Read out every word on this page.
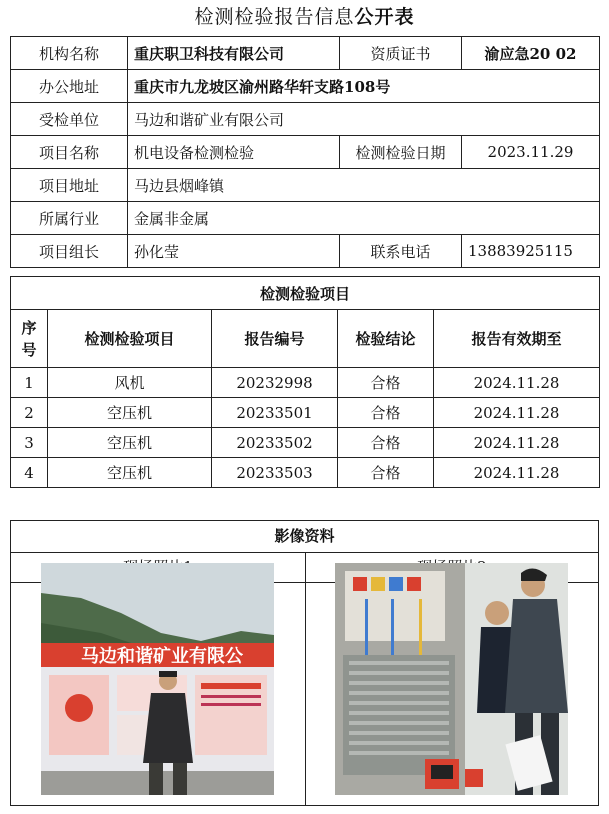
检测检验报告信息公开表
机构名称	重庆职卫科技有限公司	资质证书	渝应急20 02
办公地址	重庆市九龙坡区渝州路华轩支路108号		
受检单位	马边和谐矿业有限公司		
项目名称	机电设备检测检验	检测检验日期	2023.11.29
项目地址	马边县烟峰镇		
所属行业	金属非金属		
项目组长	孙化莹	联系电话	13883925115
检测检验项目				
序号	检测检验项目	报告编号	检验结论	报告有效期至
1	风机	20232998	合格	2024.11.28
2	空压机	20233501	合格	2024.11.28
3	空压机	20233502	合格	2024.11.28
4	空压机	20233503	合格	2024.11.28
影像资料
马边和谐矿业有限公
